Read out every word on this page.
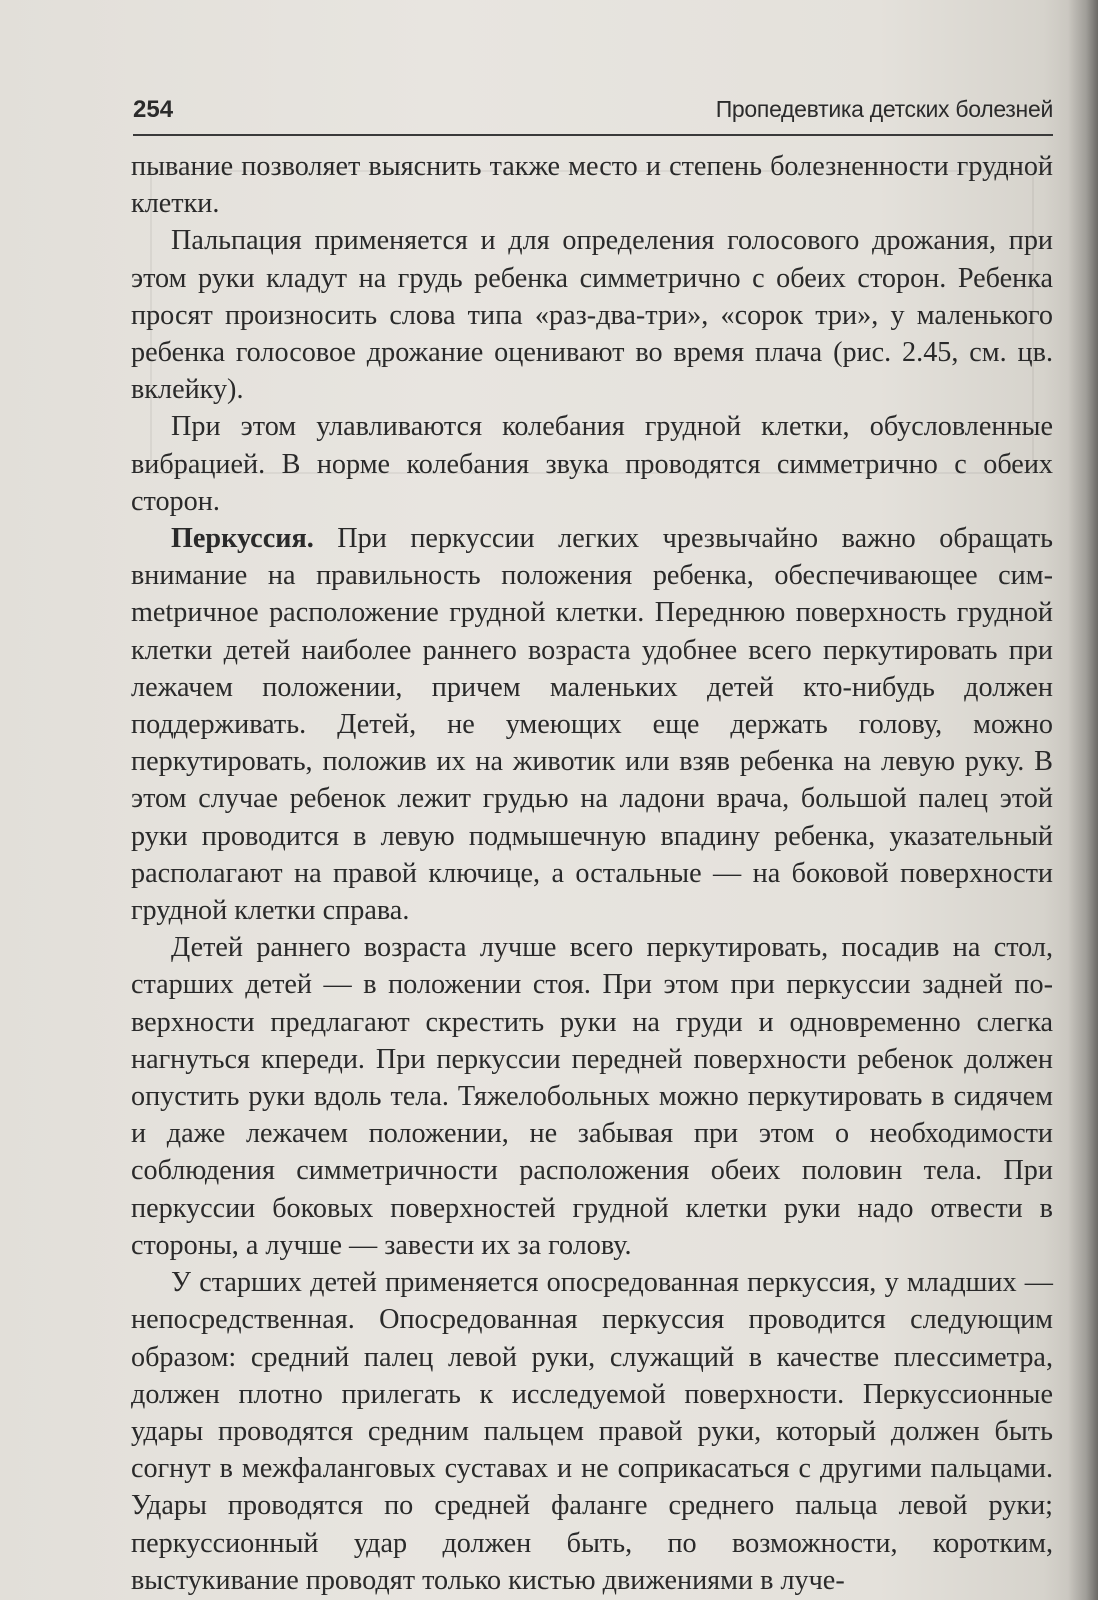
254	Пропедевтика детских болезней

пывание позволяет выяснить также место и степень болезненности грудной клетки.

Пальпация применяется и для определения голосового дрожания, при этом руки кладут на грудь ребенка симметрично с обеих сторон. Ребенка просят произносить слова типа «раз-два-три», «сорок три», у маленького ребенка голосовое дрожание оценивают во время плача (рис. 2.45, см. цв. вклейку).

При этом улавливаются колебания грудной клетки, обусловленные вибрацией. В норме колебания звука проводятся симметрично с обеих сторон.

Перкуссия. При перкуссии легких чрезвычайно важно обращать внимание на правильность положения ребенка, обеспечивающее симmetричное расположение грудной клетки. Переднюю поверхность грудной клетки детей наиболее раннего возраста удобнее всего перкутировать при лежачем положении, причем маленьких детей кто-нибудь должен поддерживать. Детей, не умеющих еще держать голову, можно перкутировать, положив их на животик или взяв ребенка на левую руку. В этом случае ребенок лежит грудью на ладони врача, большой палец этой руки проводится в левую подмышечную впадину ребенка, указательный располагают на правой ключице, а остальные — на боковой поверхности грудной клетки справа.

Детей раннего возраста лучше всего перкутировать, посадив на стол, старших детей — в положении стоя. При этом при перкуссии задней поверхности предлагают скрестить руки на груди и одновременно слегка нагнуться кпереди. При перкуссии передней поверхности ребенок должен опустить руки вдоль тела. Тяжелобольных можно перкутировать в сидячем и даже лежачем положении, не забывая при этом о необходимости соблюдения симметричности расположения обеих половин тела. При перкуссии боковых поверхностей грудной клетки руки надо отвести в стороны, а лучше — завести их за голову.

У старших детей применяется опосредованная перкуссия, у младших — непосредственная. Опосредованная перкуссия проводится следующим образом: средний палец левой руки, служащий в качестве плессиметра, должен плотно прилегать к исследуемой поверхности. Перкуссионные удары проводятся средним пальцем правой руки, который должен быть согнут в межфаланговых суставах и не соприкасаться с другими пальцами. Удары проводятся по средней фаланге среднего пальца левой руки; перкуссионный удар должен быть, по возможности, коротким, выстукивание проводят только кистью движениями в луче-
